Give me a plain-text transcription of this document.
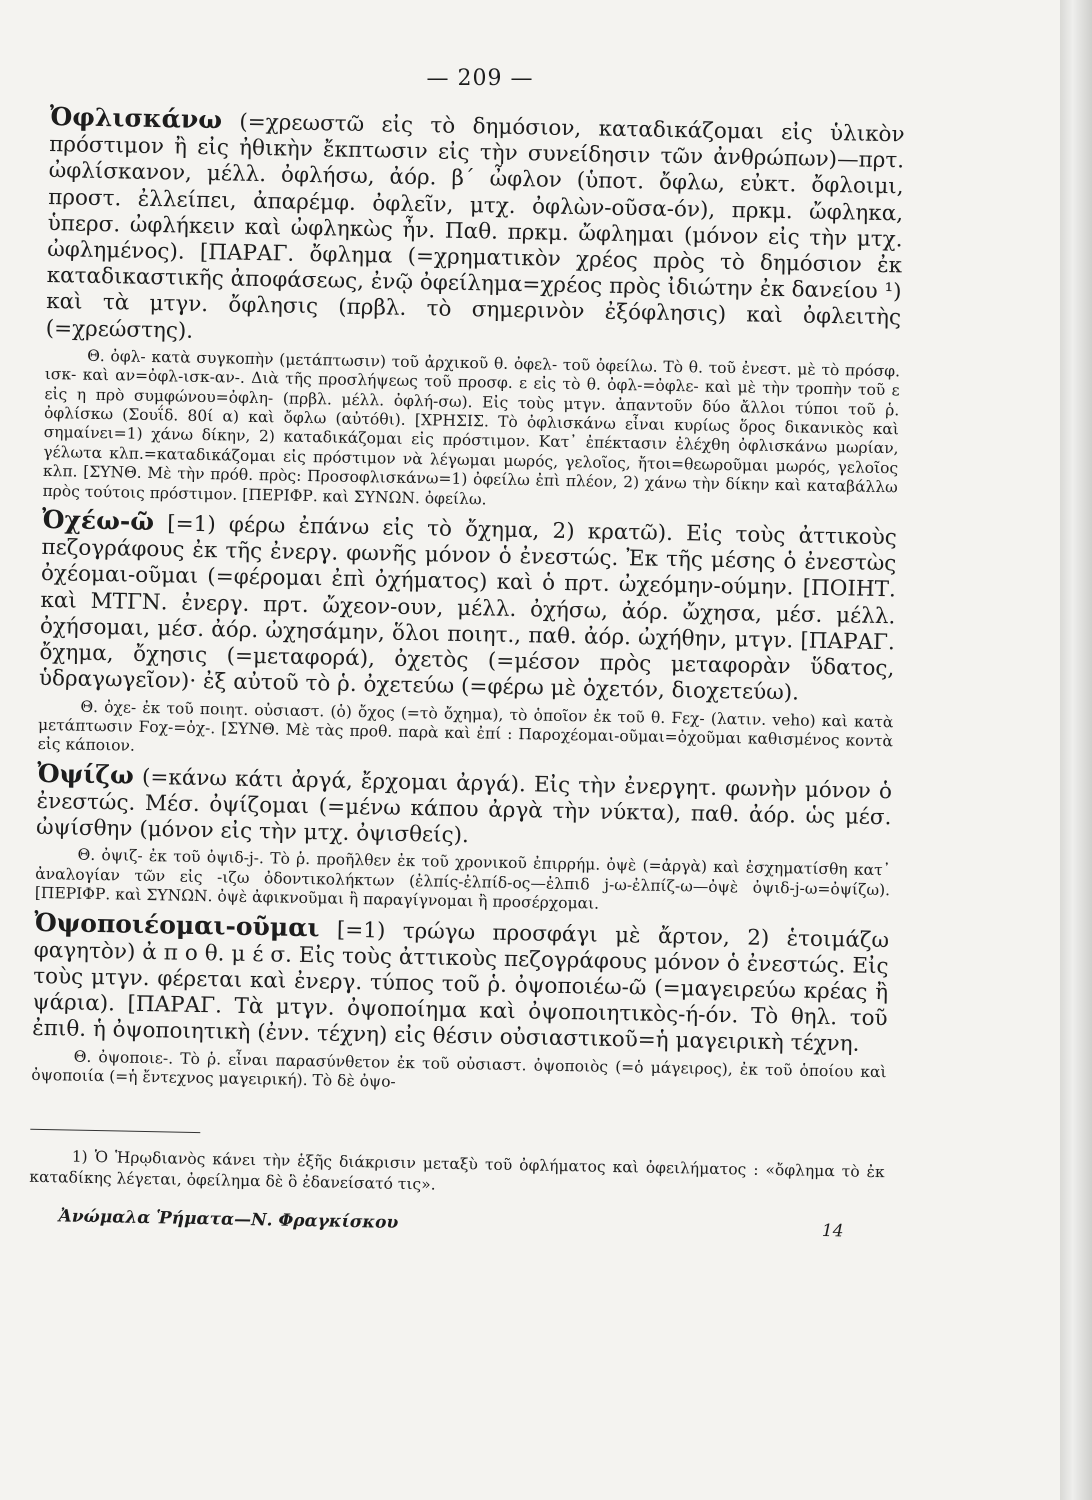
— 209 —

Ὀφλισκάνω (=χρεωστῶ εἰς τὸ δημόσιον, καταδικάζομαι εἰς ὑλικὸν πρόστιμον ἢ εἰς ἠθικὴν ἔκπτωσιν εἰς τὴν συνείδησιν τῶν ἀνθρώπων)—πρτ. ὠφλίσκανον, μέλλ. ὀφλήσω, ἀόρ. β΄ ὦφλον (ὑποτ. ὄφλω, εὐκτ. ὄφλοιμι, προστ. ἐλλείπει, ἀπαρέμφ. ὀφλεῖν, μτχ. ὀφλὼν-οῦσα-όν), πρκμ. ὤφληκα, ὑπερσ. ὠφλήκειν καὶ ὠφληκὼς ἦν. Παθ. πρκμ. ὤφλημαι (μόνον εἰς τὴν μτχ. ὠφλημένος). [ΠΑΡΑΓ. ὄφλημα (=χρηματικὸν χρέος πρὸς τὸ δημόσιον ἐκ καταδικαστικῆς ἀποφάσεως, ἐνῷ ὀφείλημα=χρέος πρὸς ἰδιώτην ἐκ δανείου ¹) καὶ τὰ μτγν. ὄφλησις (πρβλ. τὸ σημερινὸν ἐξόφλησις) καὶ ὀφλειτὴς (=χρεώστης).

Θ. ὀφλ- κατὰ συγκοπὴν (μετάπτωσιν) τοῦ ἀρχικοῦ θ. ὀφελ- τοῦ ὀφείλω. Τὸ θ. τοῦ ἐνεστ. μὲ τὸ πρόσφ. ισκ- καὶ αν=ὀφλ-ισκ-αν-. Διὰ τῆς προσλήψεως τοῦ προσφ. ε εἰς τὸ θ. ὀφλ-=ὀφλε- καὶ μὲ τὴν τροπὴν τοῦ ε εἰς η πρὸ συμφώνου=ὀφλη- (πρβλ. μέλλ. ὀφλή-σω). Εἰς τοὺς μτγν. ἀπαντοῦν δύο ἄλλοι τύποι τοῦ ῥ. ὀφλίσκω (Σουΐδ. 80ί α) καὶ ὄφλω (αὐτόθι). [ΧΡΗΣΙΣ. Τὸ ὀφλισκάνω εἶναι κυρίως ὅρος δικανικὸς καὶ σημαίνει=1) χάνω δίκην, 2) καταδικάζομαι εἰς πρόστιμον. Κατ᾽ ἐπέκτασιν ἐλέχθη ὀφλισκάνω μωρίαν, γέλωτα κλπ.=καταδικάζομαι εἰς πρόστιμον νὰ λέγωμαι μωρός, γελοῖος, ἤτοι=θεωροῦμαι μωρός, γελοῖος κλπ. [ΣΥΝΘ. Μὲ τὴν πρόθ. πρὸς: Προσοφλισκάνω=1) ὀφείλω ἐπὶ πλέον, 2) χάνω τὴν δίκην καὶ καταβάλλω πρὸς τούτοις πρόστιμον. [ΠΕΡΙΦΡ. καὶ ΣΥΝΩΝ. ὀφείλω.

Ὀχέω-ῶ [=1) φέρω ἐπάνω εἰς τὸ ὄχημα, 2) κρατῶ). Εἰς τοὺς ἀττικοὺς πεζογράφους ἐκ τῆς ἐνεργ. φωνῆς μόνον ὁ ἐνεστώς. Ἐκ τῆς μέσης ὁ ἐνεστὼς ὀχέομαι-οῦμαι (=φέρομαι ἐπὶ ὀχήματος) καὶ ὁ πρτ. ὠχεόμην-ούμην. [ΠΟΙΗΤ. καὶ ΜΤΓΝ. ἐνεργ. πρτ. ὤχεον-ουν, μέλλ. ὀχήσω, ἀόρ. ὤχησα, μέσ. μέλλ. ὀχήσομαι, μέσ. ἀόρ. ὠχησάμην, ὅλοι ποιητ., παθ. ἀόρ. ὠχήθην, μτγν. [ΠΑΡΑΓ. ὄχημα, ὄχησις (=μεταφορά), ὀχετὸς (=μέσον πρὸς μεταφορὰν ὕδατος, ὑδραγωγεῖον)· ἐξ αὐτοῦ τὸ ῥ. ὀχετεύω (=φέρω μὲ ὀχετόν, διοχετεύω).

Θ. ὀχε- ἐκ τοῦ ποιητ. οὐσιαστ. (ὁ) ὄχος (=τὸ ὄχημα), τὸ ὁποῖον ἐκ τοῦ θ. Ϝεχ- (λατιν. veho) καὶ κατὰ μετάπτωσιν Ϝοχ-=ὀχ-. [ΣΥΝΘ. Μὲ τὰς προθ. παρὰ καὶ ἐπί : Παροχέομαι-οῦμαι=ὀχοῦμαι καθισμένος κοντὰ εἰς κάποιον.

Ὀψίζω (=κάνω κάτι ἀργά, ἔρχομαι ἀργά). Εἰς τὴν ἐνεργητ. φωνὴν μόνον ὁ ἐνεστώς. Μέσ. ὀψίζομαι (=μένω κάπου ἀργὰ τὴν νύκτα), παθ. ἀόρ. ὡς μέσ. ὠψίσθην (μόνον εἰς τὴν μτχ. ὀψισθείς).

Θ. ὀψιζ- ἐκ τοῦ ὀψιδ-j-. Τὸ ῥ. προῆλθεν ἐκ τοῦ χρονικοῦ ἐπιρρήμ. ὀψὲ (=ἀργὰ) καὶ ἐσχηματίσθη κατ᾽ ἀναλογίαν τῶν εἰς -ιζω ὀδοντικολήκτων (ἐλπίς-ἐλπίδ-ος—ἐλπιδ j-ω-ἐλπίζ-ω—ὀψὲ ὀψιδ-j-ω=ὀψίζω). [ΠΕΡΙΦΡ. καὶ ΣΥΝΩΝ. ὀψὲ ἀφικνοῦμαι ἢ παραγίγνομαι ἢ προσέρχομαι.

Ὀψοποιέομαι-οῦμαι [=1) τρώγω προσφάγι μὲ ἄρτον, 2) ἑτοιμάζω φαγητὸν) ἀ π ο θ. μ έ σ. Εἰς τοὺς ἀττικοὺς πεζογράφους μόνον ὁ ἐνεστώς. Εἰς τοὺς μτγν. φέρεται καὶ ἐνεργ. τύπος τοῦ ῥ. ὀψοποιέω-ῶ (=μαγειρεύω κρέας ἢ ψάρια). [ΠΑΡΑΓ. Τὰ μτγν. ὀψοποίημα καὶ ὀψοποιητικὸς-ή-όν. Τὸ θηλ. τοῦ ἐπιθ. ἡ ὀψοποιητικὴ (ἐνν. τέχνη) εἰς θέσιν οὐσιαστικοῦ=ἡ μαγειρικὴ τέχνη.

Θ. ὀψοποιε-. Τὸ ῥ. εἶναι παρασύνθετον ἐκ τοῦ οὐσιαστ. ὀψοποιὸς (=ὁ μάγειρος), ἐκ τοῦ ὁποίου καὶ ὀψοποιία (=ἡ ἔντεχνος μαγειρική). Τὸ δὲ ὀψο-

1) Ὁ Ἡρῳδιανὸς κάνει τὴν ἑξῆς διάκρισιν μεταξὺ τοῦ ὀφλήματος καὶ ὀφειλήματος : «ὄφλημα τὸ ἐκ καταδίκης λέγεται, ὀφείλημα δὲ ὃ ἐδανείσατό τις».

Ἀνώμαλα Ῥήματα—Ν. Φραγκίσκου	14
